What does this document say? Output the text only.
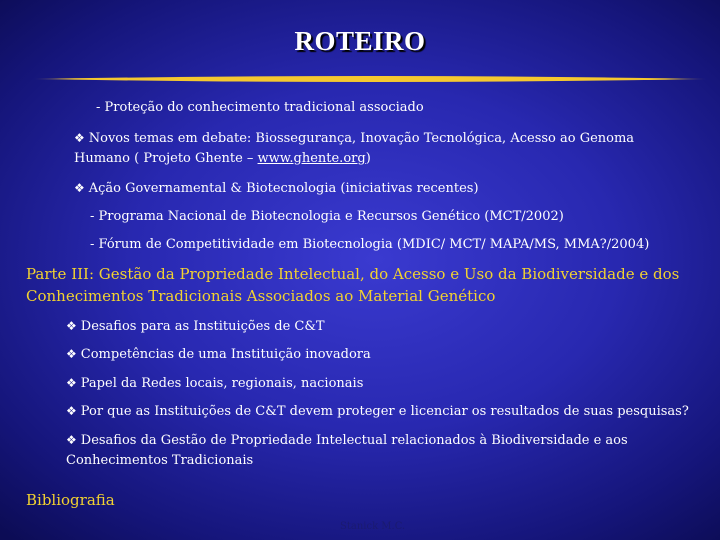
ROTEIRO
- Proteção do conhecimento tradicional associado
❖ Novos temas em debate: Biossegurança, Inovação Tecnológica, Acesso ao Genoma
Humano ( Projeto Ghente – www.ghente.org)
❖ Ação Governamental & Biotecnologia (iniciativas recentes)
- Programa Nacional de Biotecnologia e Recursos Genético (MCT/2002)
- Fórum de Competitividade em Biotecnologia (MDIC/ MCT/ MAPA/MS, MMA?/2004)
Parte III: Gestão da Propriedade Intelectual, do Acesso e Uso da Biodiversidade e dos
Conhecimentos Tradicionais Associados ao Material Genético
❖ Desafios para as Instituições de C&T
❖ Competências de uma Instituição inovadora
❖ Papel da Redes locais, regionais, nacionais
❖ Por que as Instituições de C&T devem proteger e licenciar os resultados de suas pesquisas?
❖ Desafios da Gestão de Propriedade Intelectual relacionados à Biodiversidade e aos
Conhecimentos Tradicionais
Bibliografia
Stanick M.C.
